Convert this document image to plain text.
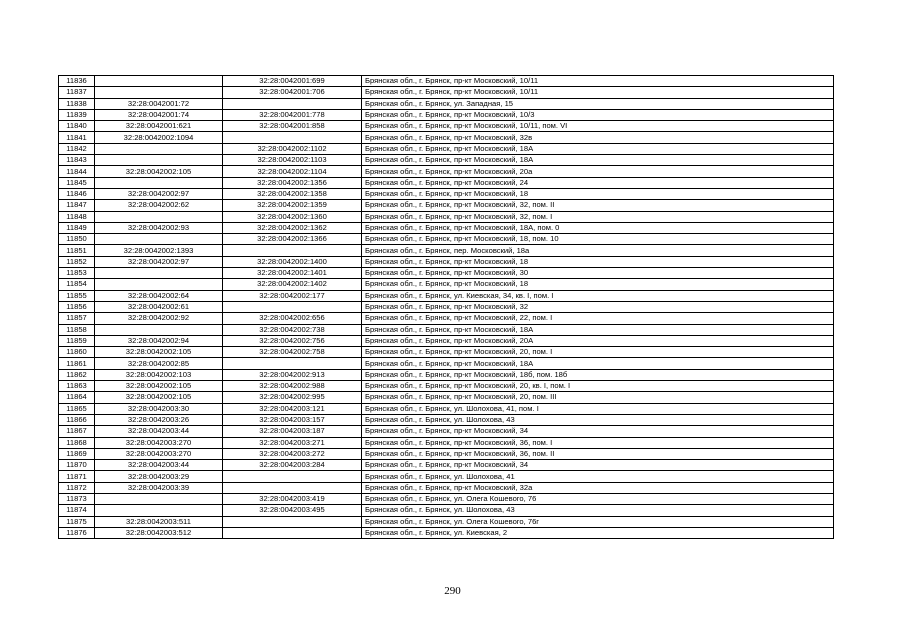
11836		32:28:0042001:699	Брянская обл., г. Брянск, пр-кт Московский, 10/11
11837		32:28:0042001:706	Брянская обл., г. Брянск, пр-кт Московский, 10/11
11838	32:28:0042001:72		Брянская обл., г. Брянск, ул. Западная, 15
11839	32:28:0042001:74	32:28:0042001:778	Брянская обл., г. Брянск, пр-кт Московский, 10/3
11840	32:28:0042001:621	32:28:0042001:858	Брянская обл., г. Брянск, пр-кт Московский, 10/11, пом. VI
11841	32:28:0042002:1094		Брянская обл., г. Брянск, пр-кт Московский, 32в
11842		32:28:0042002:1102	Брянская обл., г. Брянск, пр-кт Московский, 18А
11843		32:28:0042002:1103	Брянская обл., г. Брянск, пр-кт Московский, 18А
11844	32:28:0042002:105	32:28:0042002:1104	Брянская обл., г. Брянск, пр-кт Московский, 20а
11845		32:28:0042002:1356	Брянская обл., г. Брянск, пр-кт Московский, 24
11846	32:28:0042002:97	32:28:0042002:1358	Брянская обл., г. Брянск, пр-кт Московский, 18
11847	32:28:0042002:62	32:28:0042002:1359	Брянская обл., г. Брянск, пр-кт Московский, 32, пом. II
11848		32:28:0042002:1360	Брянская обл., г. Брянск, пр-кт Московский, 32, пом. I
11849	32:28:0042002:93	32:28:0042002:1362	Брянская обл., г. Брянск, пр-кт Московский, 18А, пом. 0
11850		32:28:0042002:1366	Брянская обл., г. Брянск, пр-кт Московский, 18, пом. 10
11851	32:28:0042002:1393		Брянская обл., г. Брянск, пер. Московский, 18а
11852	32:28:0042002:97	32:28:0042002:1400	Брянская обл., г. Брянск, пр-кт Московский, 18
11853		32:28:0042002:1401	Брянская обл., г. Брянск, пр-кт Московский, 30
11854		32:28:0042002:1402	Брянская обл., г. Брянск, пр-кт Московский, 18
11855	32:28:0042002:64	32:28:0042002:177	Брянская обл., г. Брянск, ул. Киевская, 34, кв. I, пом. I
11856	32:28:0042002:61		Брянская обл., г. Брянск, пр-кт Московский, 32
11857	32:28:0042002:92	32:28:0042002:656	Брянская обл., г. Брянск, пр-кт Московский, 22, пом. I
11858		32:28:0042002:738	Брянская обл., г. Брянск, пр-кт Московский, 18А
11859	32:28:0042002:94	32:28:0042002:756	Брянская обл., г. Брянск, пр-кт Московский, 20А
11860	32:28:0042002:105	32:28:0042002:758	Брянская обл., г. Брянск, пр-кт Московский, 20, пом. I
11861	32:28:0042002:85		Брянская обл., г. Брянск, пр-кт Московский, 18А
11862	32:28:0042002:103	32:28:0042002:913	Брянская обл., г. Брянск, пр-кт Московский, 18б, пом. 18б
11863	32:28:0042002:105	32:28:0042002:988	Брянская обл., г. Брянск, пр-кт Московский, 20, кв. I, пом. I
11864	32:28:0042002:105	32:28:0042002:995	Брянская обл., г. Брянск, пр-кт Московский, 20, пом. III
11865	32:28:0042003:30	32:28:0042003:121	Брянская обл., г. Брянск, ул. Шолохова, 41, пом. I
11866	32:28:0042003:26	32:28:0042003:157	Брянская обл., г. Брянск, ул. Шолохова, 43
11867	32:28:0042003:44	32:28:0042003:187	Брянская обл., г. Брянск, пр-кт Московский, 34
11868	32:28:0042003:270	32:28:0042003:271	Брянская обл., г. Брянск, пр-кт Московский, 36, пом. I
11869	32:28:0042003:270	32:28:0042003:272	Брянская обл., г. Брянск, пр-кт Московский, 36, пом. II
11870	32:28:0042003:44	32:28:0042003:284	Брянская обл., г. Брянск, пр-кт Московский, 34
11871	32:28:0042003:29		Брянская обл., г. Брянск, ул. Шолохова, 41
11872	32:28:0042003:39		Брянская обл., г. Брянск, пр-кт Московский, 32а
11873		32:28:0042003:419	Брянская обл., г. Брянск, ул. Олега Кошевого, 76
11874		32:28:0042003:495	Брянская обл., г. Брянск, ул. Шолохова, 43
11875	32:28:0042003:511		Брянская обл., г. Брянск, ул. Олега Кошевого, 76г
11876	32:28:0042003:512		Брянская обл., г. Брянск, ул. Киевская, 2
290
